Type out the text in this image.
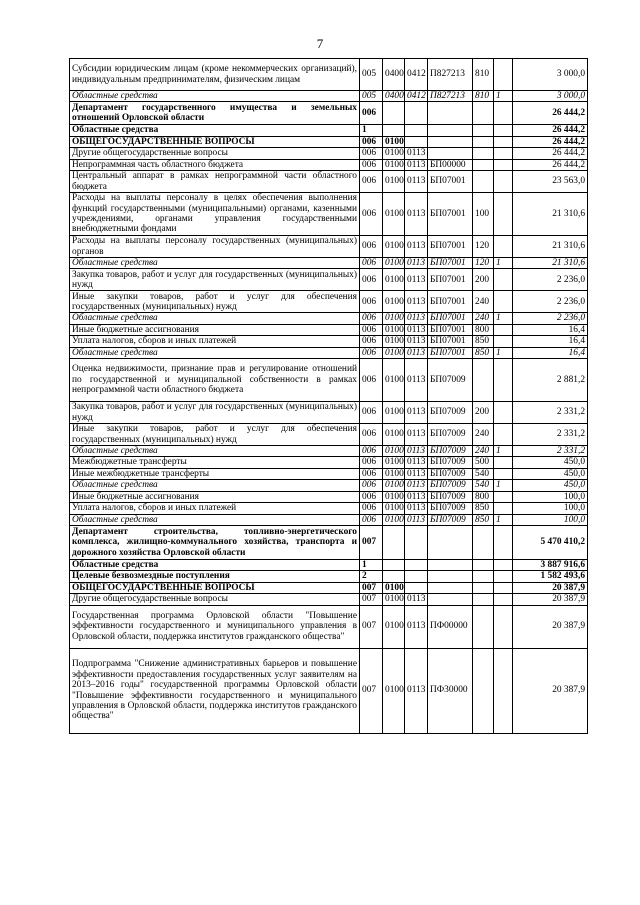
7
Субсидии юридическим лицам (кроме некоммерческих организаций), индивидуальным предпринимателям, физическим лицам	005	0400	0412	П827213	810		3 000,0
Областные средства	005	0400	0412	П827213	810	1	3 000,0
Департамент государственного имущества и земельных отношений Орловской области	006						26 444,2
Областные средства	1						26 444,2
ОБЩЕГОСУДАРСТВЕННЫЕ ВОПРОСЫ	006	0100					26 444,2
Другие общегосударственные вопросы	006	0100	0113				26 444,2
Непрограммная часть областного бюджета	006	0100	0113	БП00000			26 444,2
Центральный аппарат в рамках непрограммной части областного бюджета	006	0100	0113	БП07001			23 563,0
Расходы на выплаты персоналу в целях обеспечения выполнения функций государственными (муниципальными) органами, казенными учреждениями, органами управления государственными внебюджетными фондами	006	0100	0113	БП07001	100		21 310,6
Расходы на выплаты персоналу государственных (муниципальных) органов	006	0100	0113	БП07001	120		21 310,6
Областные средства	006	0100	0113	БП07001	120	1	21 310,6
Закупка товаров, работ и услуг для государственных (муниципальных) нужд	006	0100	0113	БП07001	200		2 236,0
Иные закупки товаров, работ и услуг для обеспечения государственных (муниципальных) нужд	006	0100	0113	БП07001	240		2 236,0
Областные средства	006	0100	0113	БП07001	240	1	2 236,0
Иные бюджетные ассигнования	006	0100	0113	БП07001	800		16,4
Уплата налогов, сборов и иных платежей	006	0100	0113	БП07001	850		16,4
Областные средства	006	0100	0113	БП07001	850	1	16,4
Оценка недвижимости, признание прав и регулирование отношений по государственной и муниципальной собственности в рамках непрограммной части областного бюджета	006	0100	0113	БП07009			2 881,2
Закупка товаров, работ и услуг для государственных (муниципальных) нужд	006	0100	0113	БП07009	200		2 331,2
Иные закупки товаров, работ и услуг для обеспечения государственных (муниципальных) нужд	006	0100	0113	БП07009	240		2 331,2
Областные средства	006	0100	0113	БП07009	240	1	2 331,2
Межбюджетные трансферты	006	0100	0113	БП07009	500		450,0
Иные межбюджетные трансферты	006	0100	0113	БП07009	540		450,0
Областные средства	006	0100	0113	БП07009	540	1	450,0
Иные бюджетные ассигнования	006	0100	0113	БП07009	800		100,0
Уплата налогов, сборов и иных платежей	006	0100	0113	БП07009	850		100,0
Областные средства	006	0100	0113	БП07009	850	1	100,0
Департамент строительства, топливно-энергетического комплекса, жилищно-коммунального хозяйства, транспорта и дорожного хозяйства Орловской области	007						5 470 410,2
Областные средства	1						3 887 916,6
Целевые безвозмездные поступления	2						1 582 493,6
ОБЩЕГОСУДАРСТВЕННЫЕ ВОПРОСЫ	007	0100					20 387,9
Другие общегосударственные вопросы	007	0100	0113				20 387,9
Государственная программа Орловской области "Повышение эффективности государственного и муниципального управления в Орловской области, поддержка институтов гражданского общества"	007	0100	0113	ПФ00000			20 387,9
Подпрограмма "Снижение административных барьеров и повышение эффективности предоставления государственных услуг заявителям на 2013–2016 годы" государственной программы Орловской области "Повышение эффективности государственного и муниципального управления в Орловской области, поддержка институтов гражданского общества"	007	0100	0113	ПФ30000			20 387,9
